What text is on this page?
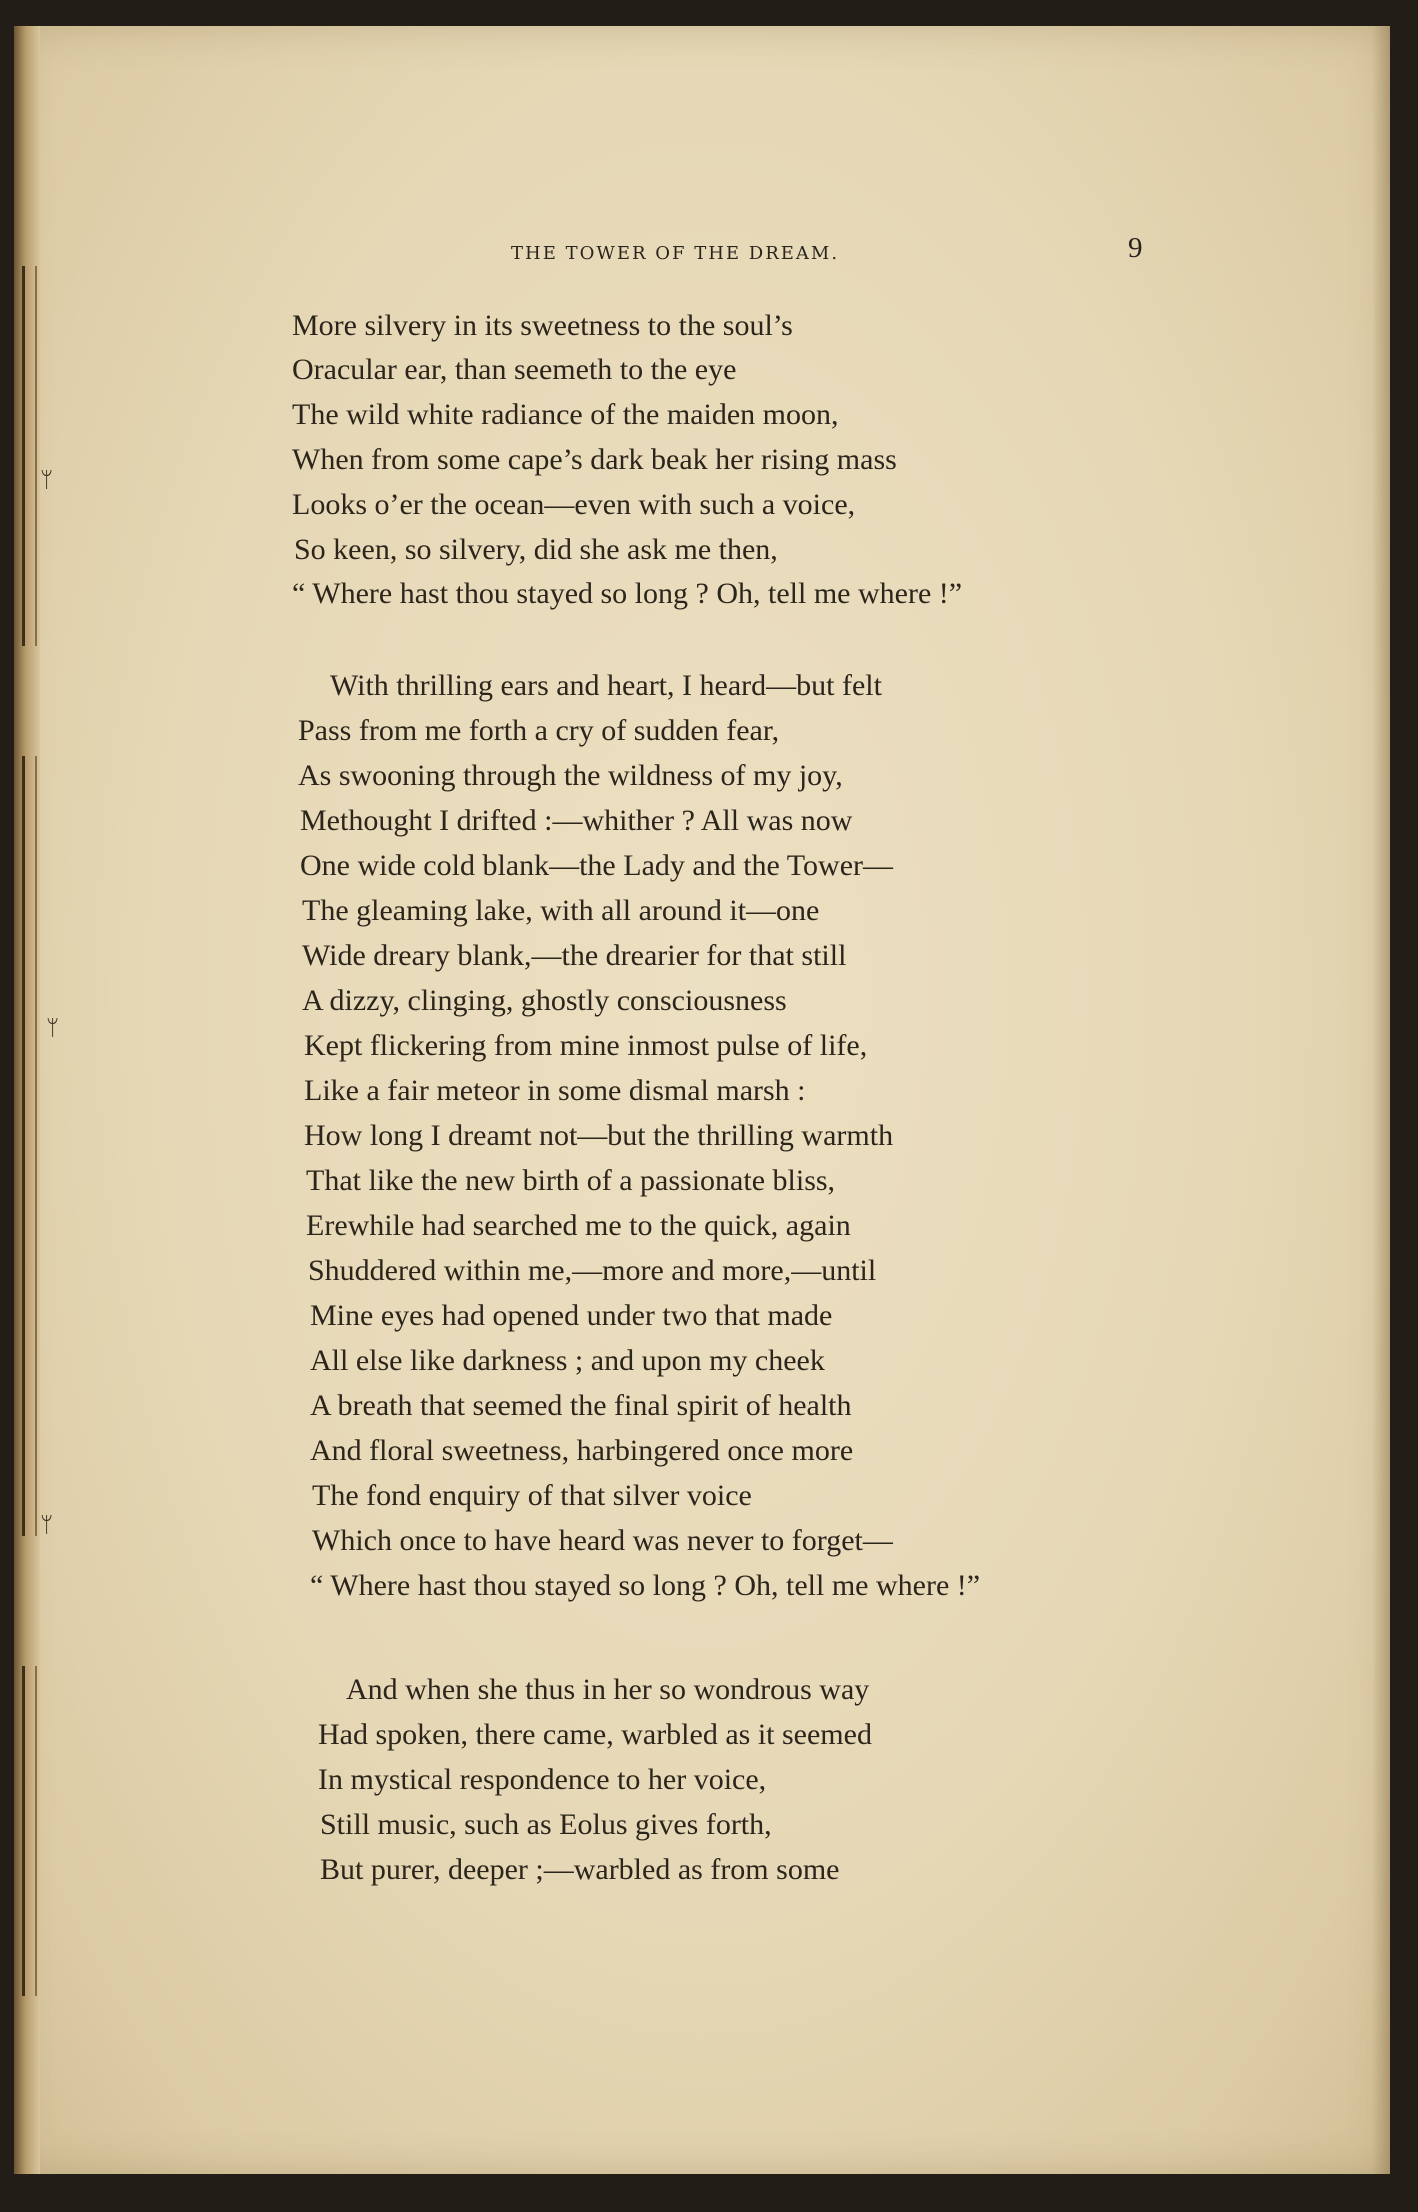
ᛘ
ᛘ
ᛘ
THE TOWER OF THE DREAM.	9
More silvery in its sweetness to the soul’s
Oracular ear, than seemeth to the eye
The wild white radiance of the maiden moon,
When from some cape’s dark beak her rising mass
Looks o’er the ocean—even with such a voice,
So keen, so silvery, did she ask me then,
“ Where hast thou stayed so long ? Oh, tell me where !”
With thrilling ears and heart, I heard—but felt
Pass from me forth a cry of sudden fear,
As swooning through the wildness of my joy,
Methought I drifted :—whither ? All was now
One wide cold blank—the Lady and the Tower—
The gleaming lake, with all around it—one
Wide dreary blank,—the drearier for that still
A dizzy, clinging, ghostly consciousness
Kept flickering from mine inmost pulse of life,
Like a fair meteor in some dismal marsh :
How long I dreamt not—but the thrilling warmth
That like the new birth of a passionate bliss,
Erewhile had searched me to the quick, again
Shuddered within me,—more and more,—until
Mine eyes had opened under two that made
All else like darkness ; and upon my cheek
A breath that seemed the final spirit of health
And floral sweetness, harbingered once more
The fond enquiry of that silver voice
Which once to have heard was never to forget—
“ Where hast thou stayed so long ? Oh, tell me where !”
And when she thus in her so wondrous way
Had spoken, there came, warbled as it seemed
In mystical respondence to her voice,
Still music, such as Eolus gives forth,
But purer, deeper ;—warbled as from some
